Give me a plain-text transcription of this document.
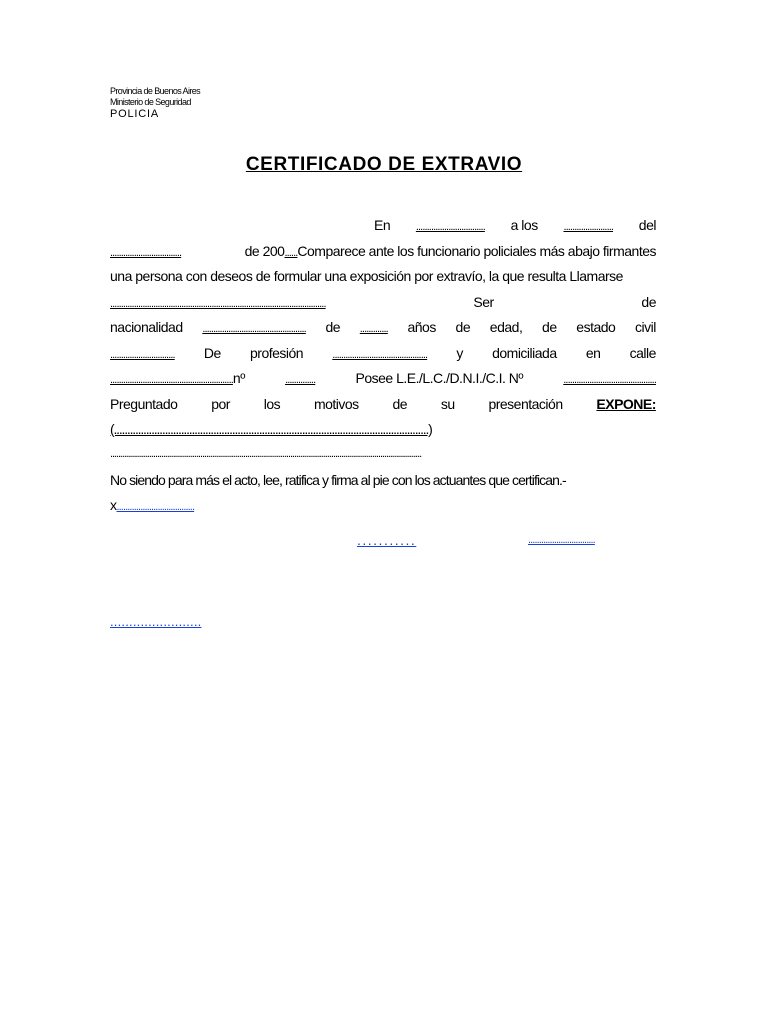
Provincia de Buenos Aires
Ministerio de Seguridad
POLICIA
CERTIFICADO DE EXTRAVIO
En ................................ a los ....................... del
.................................	de 200......Comparece ante los funcionario policiales más abajo firmantes
una persona con deseos de formular una exposición por extravío, la que resulta Llamarse
....................................................................................................	Ser	de
nacionalidad ................................................ de ............. años de edad, de estado civil
.............................. De profesión	............................................ y domiciliada en calle
.........................................................nº	..............	Posee L.E./L.C./D.N.I./C.I. Nº	...........................................
Preguntado por los motivos de su presentación EXPONE:
(.....................................................................................................................)
...............................................................................................................................................................
No siendo para más el acto, lee, ratifica y firma al pie con los actuantes que certifican.-
x ....................................
...........	...............................
........................
